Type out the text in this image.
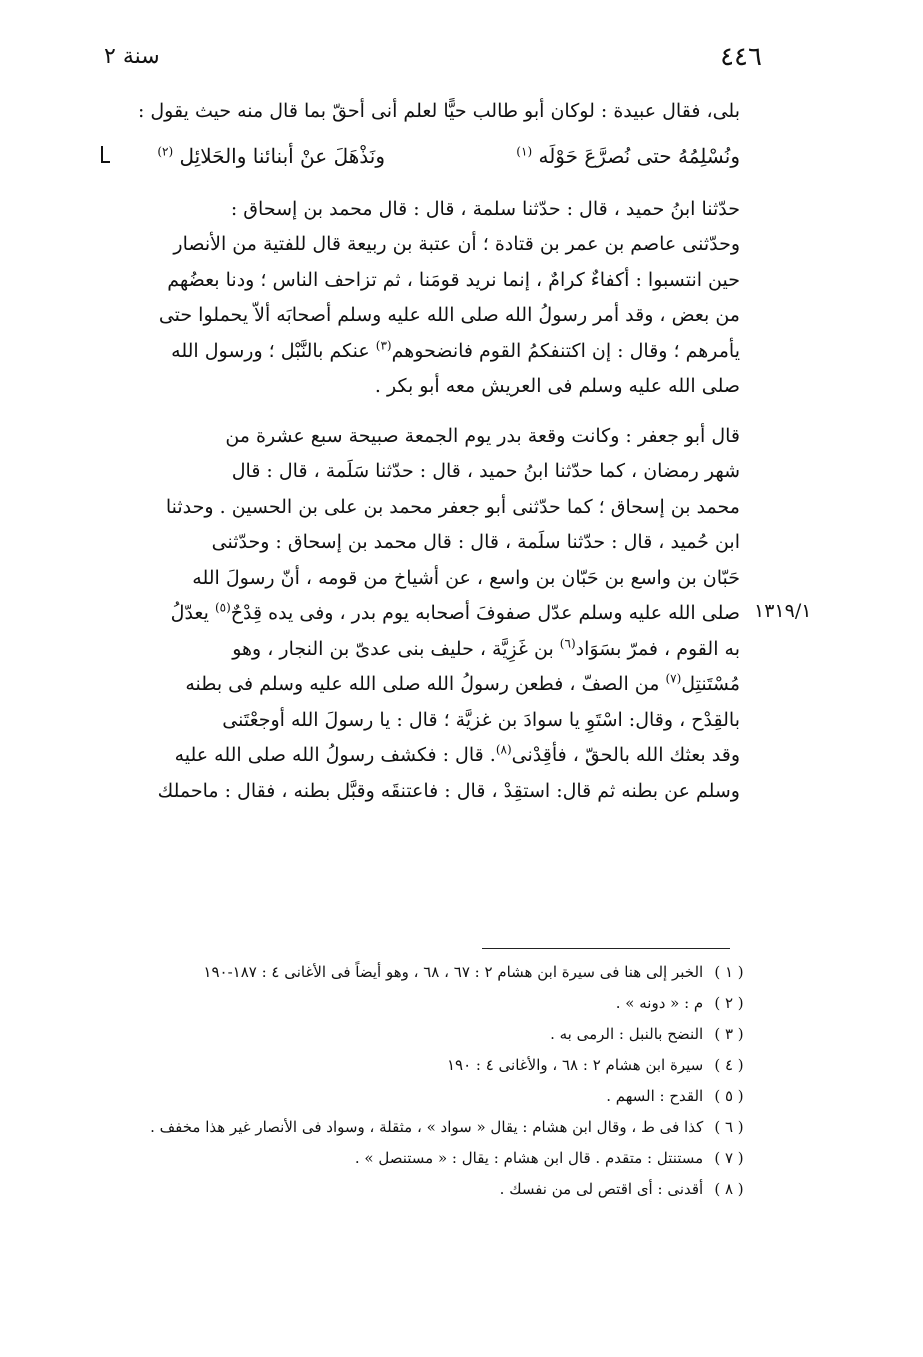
٤٤٦
سنة ٢
١٣١٩/١
بلى، فقال عبيدة : لوكان أبو طالب حيًّا لعلم أنى أحقّ بما قال منه حيث يقول :
ونُسْلِمُهُ حتى نُصرَّعَ حَوْلَه $^{(١)}$
ونَذْهَلَ عنْ أبنائنا والحَلائِل $^{(٢)}$
حدّثنا ابنُ حميد ، قال : حدّثنا سلمة ، قال : قال محمد بن إسحاق :
وحدّثنى عاصم بن عمر بن قتادة ؛ أن عتبة بن ربيعة قال للفتية من الأنصار
حين انتسبوا : أكفاءٌ كرامٌ ، إنما نريد قومَنا ، ثم تزاحف الناس ؛ ودنا بعضُهم
من بعض ، وقد أمر رسولُ الله صلى الله عليه وسلم أصحابَه ألاّ يحملوا حتى
يأمرهم ؛ وقال : إن اكتنفكمُ القوم فانضحوهم$^{(٣)}$ عنكم بالنَّبْل ؛ ورسول الله
صلى الله عليه وسلم فى العريش معه أبو بكر .
قال أبو جعفر : وكانت وقعة بدر يوم الجمعة صبيحة سبع عشرة من
شهر رمضان ، كما حدّثنا ابنُ حميد ، قال : حدّثنا سَلَمة ، قال : قال
محمد بن إسحاق ؛ كما حدّثنى أبو جعفر محمد بن على بن الحسين . وحدثنا
ابن حُميد ، قال : حدّثنا سلَمة ، قال : قال محمد بن إسحاق : وحدّثنى
حَبّان بن واسع بن حَبّان بن واسع ، عن أشياخ من قومه ، أنّ رسولَ الله
صلى الله عليه وسلم عدّل صفوفَ أصحابه يوم بدر ، وفى يده قِدْحٌ$^{(٥)}$ يعدّلُ
به القوم ، فمرّ بسَوَاد$^{(٦)}$ بن غَزِيَّة ، حليف بنى عدىّ بن النجار ، وهو
مُسْتَنتِل$^{(٧)}$ من الصفّ ، فطعن رسولُ الله صلى الله عليه وسلم فى بطنه
بالقِدْح ، وقال: اسْتَوِ يا سوادَ بن غزيَّة ؛ قال : يا رسولَ الله أوجعْتَنى
وقد بعثك الله بالحقّ ، فأقِدْنى$^{(٨)}$. قال : فكشف رسولُ الله صلى الله عليه
وسلم عن بطنه ثم قال: استقِدْ ، قال : فاعتنقَه وقبَّل بطنه ، فقال : ماحملك
( ١ ) الخبر إلى هنا فى سيرة ابن هشام ٢ : ٦٧ ، ٦٨ ، وهو أيضاً فى الأغانى ٤ : ١٨٧-١٩٠
( ٢ ) م : « دونه » .
( ٣ ) النضح بالنبل : الرمى به .
( ٤ ) سيرة ابن هشام ٢ : ٦٨ ، والأغانى ٤ : ١٩٠
( ٥ ) القدح : السهم .
( ٦ ) كذا فى ط ، وقال ابن هشام : يقال « سواد » ، مثقلة ، وسواد فى الأنصار غير هذا مخفف .
( ٧ ) مستنتل : متقدم . قال ابن هشام : يقال : « مستنصل » .
( ٨ ) أقدنى : أى اقتص لى من نفسك .
